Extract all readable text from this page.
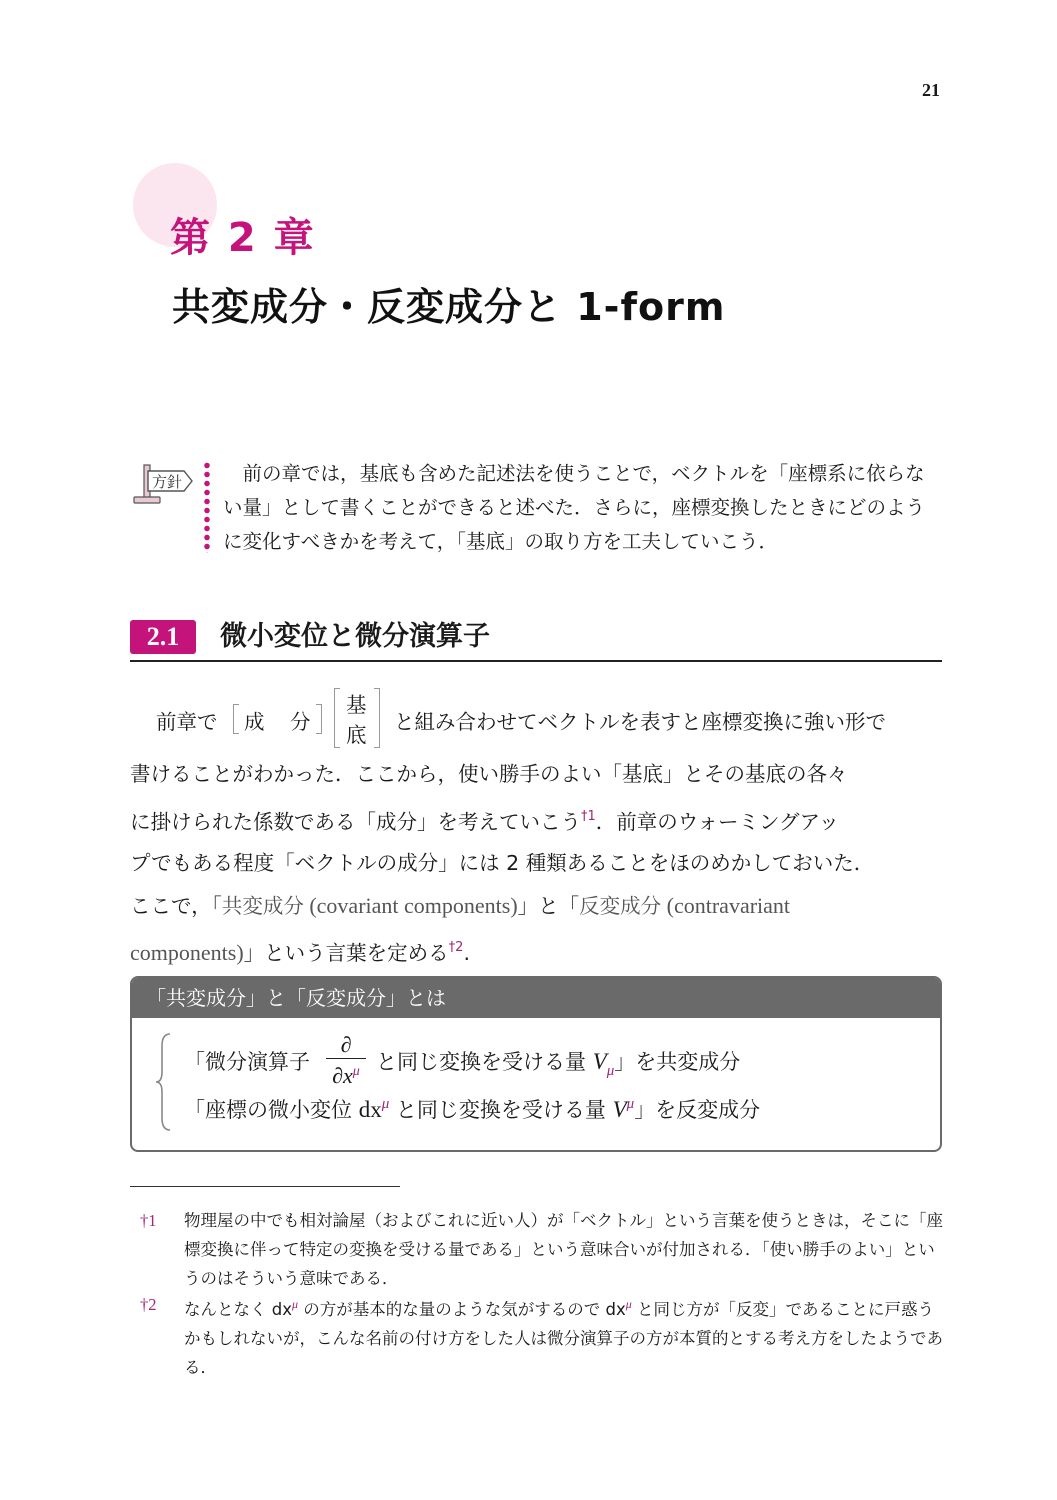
21
第 2 章
共変成分・反変成分と 1-form
方針	前の章では，基底も含めた記述法を使うことで，ベクトルを「座標系に依らない量」として書くことができると述べた．さらに，座標変換したときにどのように変化すべきかを考えて，「基底」の取り方を工夫していこう．
2.1	微小変位と微分演算子
前章で 成 分
基
底
と組み合わせてベクトルを表すと座標変換に強い形で
書けることがわかった．ここから，使い勝手のよい「基底」とその基底の各々
に掛けられた係数である「成分」を考えていこう$^{\dagger 1}$．前章のウォーミングアッ
プでもある程度「ベクトルの成分」には 2 種類あることをほのめかしておいた．
ここで，「共変成分 (covariant components)」と「反変成分 (contravariant
components)」という言葉を定める$^{\dagger 2}$.
「共変成分」と「反変成分」とは
「微分演算子
∂
$\partial x^\mu$ と同じ変換を受ける量 $V_\mu$」を共変成分
「座標の微小変位 $dx^\mu$ と同じ変換を受ける量 $V^\mu$」を反変成分
†1 物理屋の中でも相対論屋（およびこれに近い人）が「ベクトル」という言葉を使うときは，そこに「座標変換に伴って特定の変換を受ける量である」という意味合いが付加される．「使い勝手のよい」というのはそういう意味である．
†2 なんとなく $dx^\mu$ の方が基本的な量のような気がするので $dx^\mu$ と同じ方が「反変」であることに戸惑うかもしれないが，こんな名前の付け方をした人は微分演算子の方が本質的とする考え方をしたようである．
